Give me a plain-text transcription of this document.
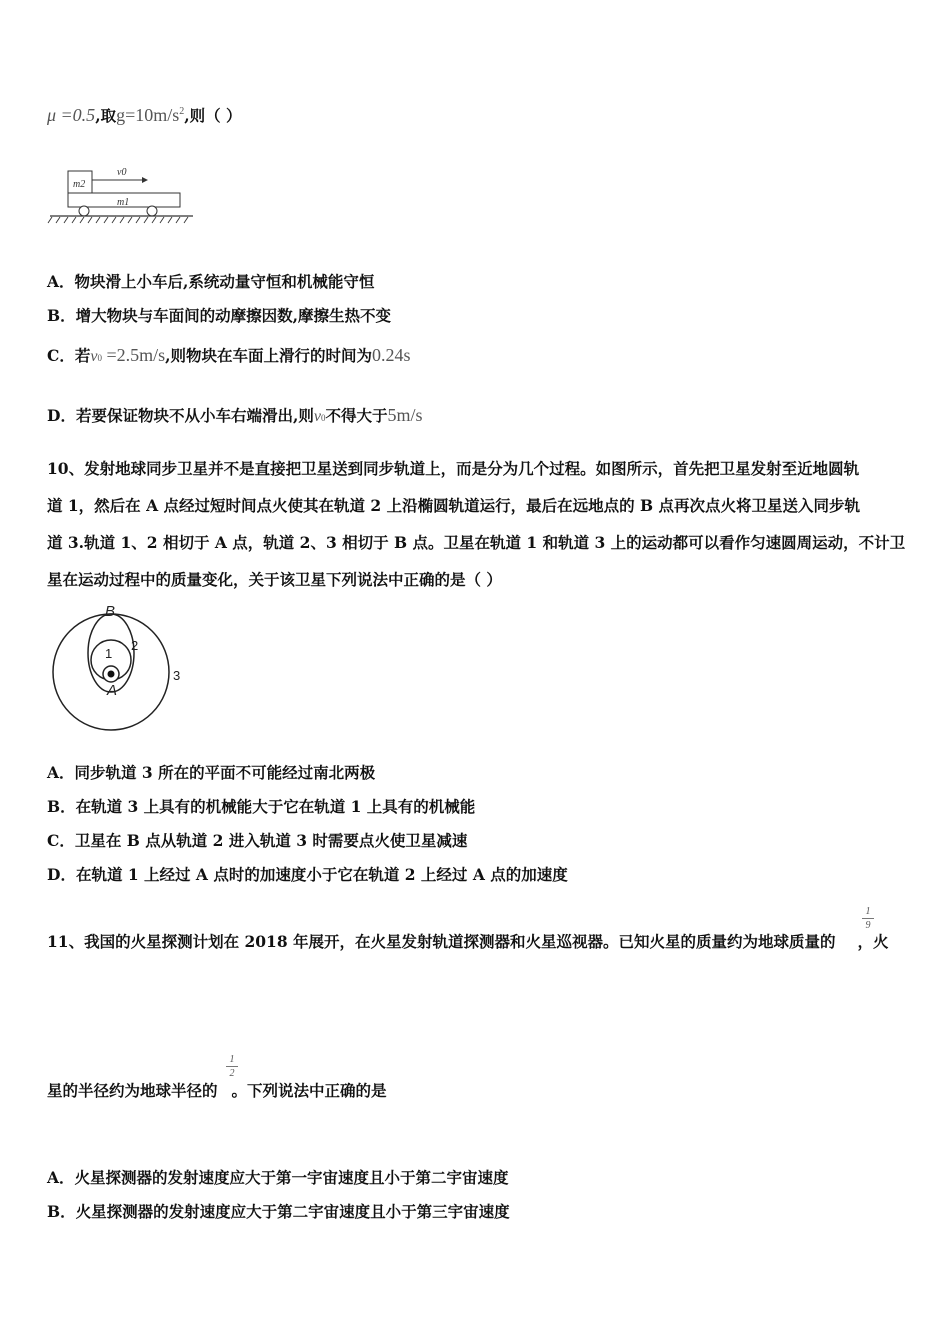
μ =0.5,取$g=10m/s^2$,则（ ）
m2
v0
m1
A．物块滑上小车后,系统动量守恒和机械能守恒
B．增大物块与车面间的动摩擦因数,摩擦生热不变
C．若v0 =2.5m/s,则物块在车面上滑行的时间为0.24s
D．若要保证物块不从小车右端滑出,则v0不得大于5m/s
10、发射地球同步卫星并不是直接把卫星送到同步轨道上，而是分为几个过程。如图所示，首先把卫星发射至近地圆轨
道 1，然后在 A 点经过短时间点火使其在轨道 2 上沿椭圆轨道运行，最后在远地点的 B 点再次点火将卫星送入同步轨
道 3.轨道 1、2 相切于 A 点，轨道 2、3 相切于 B 点。卫星在轨道 1 和轨道 3 上的运动都可以看作匀速圆周运动，不计卫
星在运动过程中的质量变化，关于该卫星下列说法中正确的是（ ）
B
A
1
2
3
A．同步轨道 3 所在的平面不可能经过南北两极
B．在轨道 3 上具有的机械能大于它在轨道 1 上具有的机械能
C．卫星在 B 点从轨道 2 进入轨道 3 时需要点火使卫星减速
D．在轨道 1 上经过 A 点时的加速度小于它在轨道 2 上经过 A 点的加速度
11、我国的火星探测计划在 2018 年展开，在火星发射轨道探测器和火星巡视器。已知火星的质量约为地球质量的 ，火
1
9
星的半径约为地球半径的 。下列说法中正确的是
1
2
A．火星探测器的发射速度应大于第一宇宙速度且小于第二宇宙速度
B．火星探测器的发射速度应大于第二宇宙速度且小于第三宇宙速度
